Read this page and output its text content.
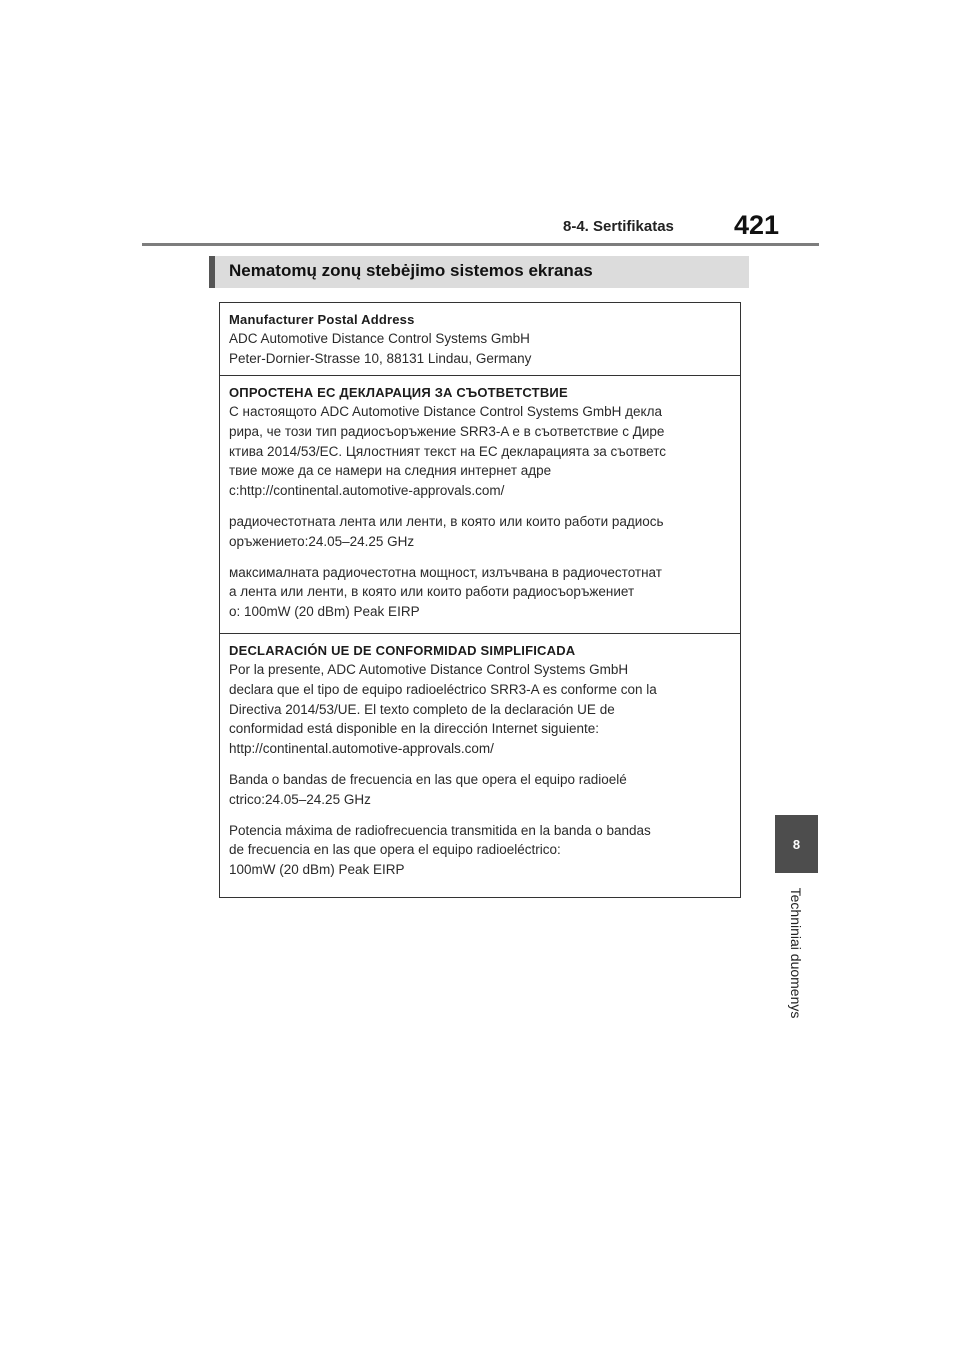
8-4. Sertifikatas 421
Nematomų zonų stebėjimo sistemos ekranas
8
Techniniai duomenys
Manufacturer Postal Address
ADC Automotive Distance Control Systems GmbH
Peter-Dornier-Strasse 10, 88131 Lindau, Germany
ОПРОСТЕНА ЕС ДЕКЛАРАЦИЯ ЗА СЪОТВЕТСТВИЕ
С настоящото ADC Automotive Distance Control Systems GmbH декла
рира, че този тип радиосъоръжение SRR3-A е в съответствие с Дире
ктива 2014/53/ЕС. Цялостният текст на ЕС декларацията за съответс
твие може да се намери на следния интернет адре
с:http://continental.automotive-approvals.com/
радиочестотната лента или ленти, в която или които работи радиось
оръжението:24.05–24.25 GHz
максималната радиочестотна мощност, излъчвана в радиочестотнат
а лента или ленти, в която или които работи радиосъоръжениет
о: 100mW (20 dBm) Peak EIRP
DECLARACIÓN UE DE CONFORMIDAD SIMPLIFICADA
Por la presente, ADC Automotive Distance Control Systems GmbH
declara que el tipo de equipo radioeléctrico SRR3-A es conforme con la
Directiva 2014/53/UE. El texto completo de la declaración UE de
conformidad está disponible en la dirección Internet siguiente:
http://continental.automotive-approvals.com/
Banda o bandas de frecuencia en las que opera el equipo radioelé
ctrico:24.05–24.25 GHz
Potencia máxima de radiofrecuencia transmitida en la banda o bandas
de frecuencia en las que opera el equipo radioeléctrico:
100mW (20 dBm) Peak EIRP
